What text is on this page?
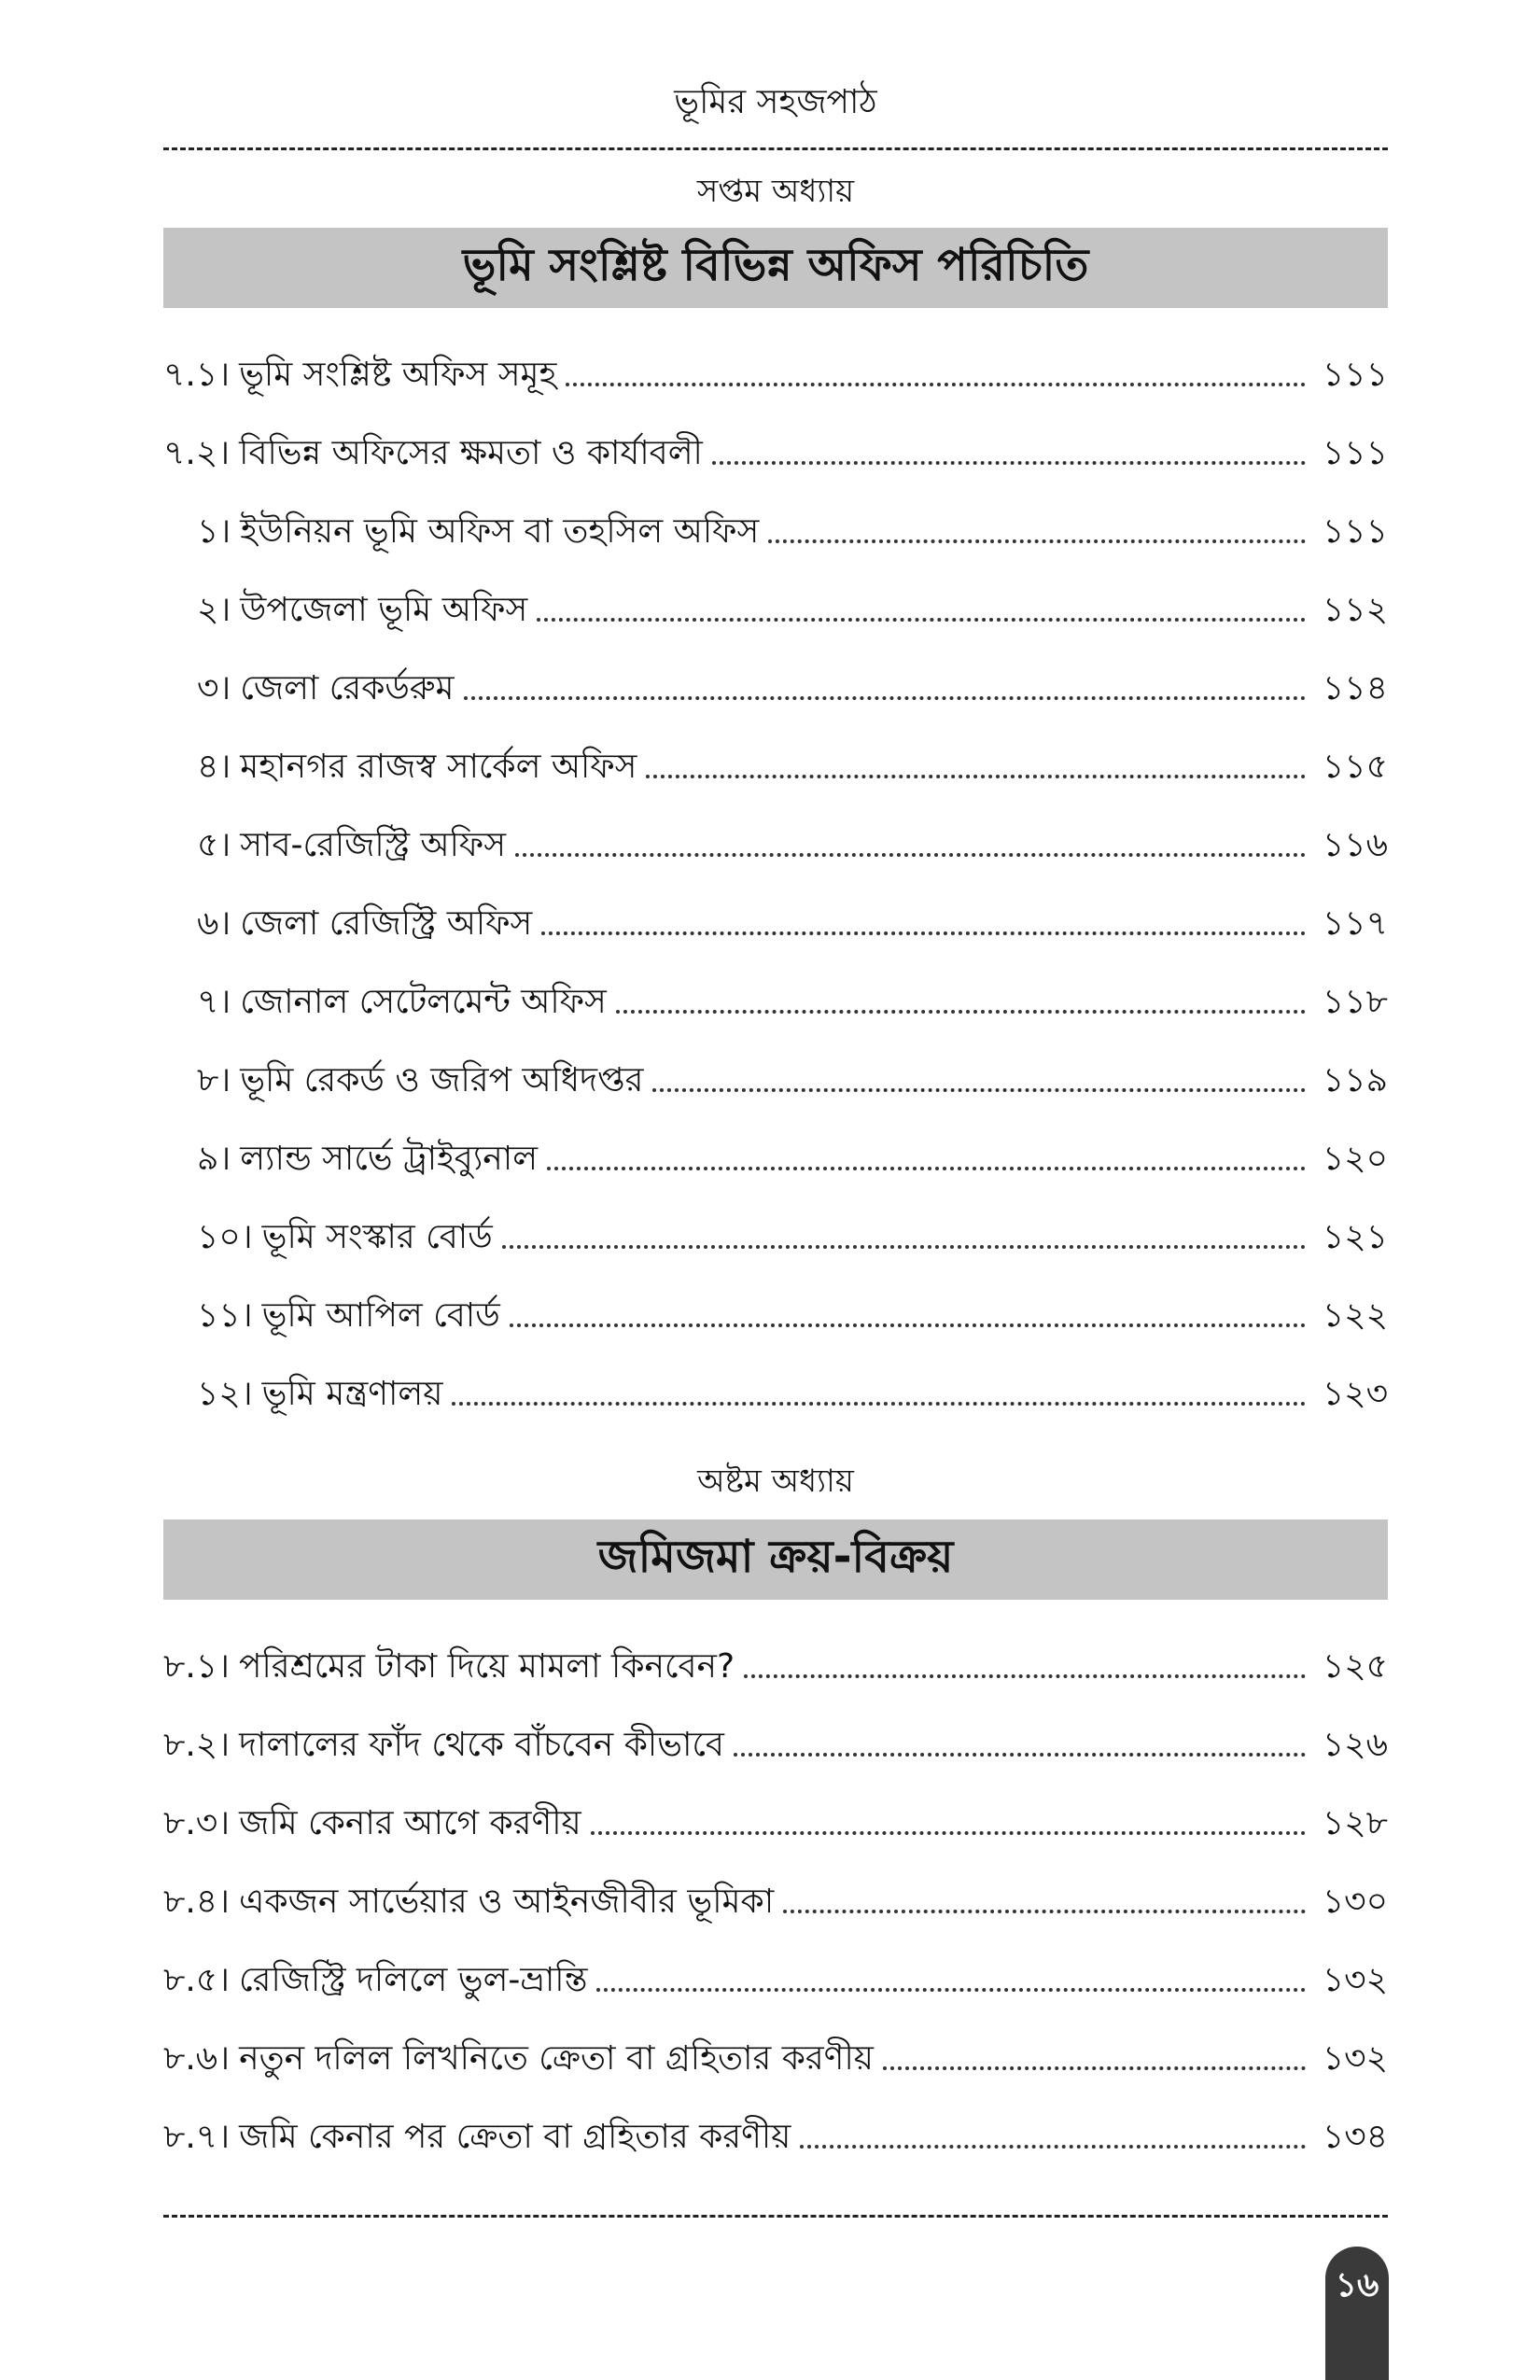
ভূমির সহজপাঠ
সপ্তম অধ্যায়
ভূমি সংশ্লিষ্ট বিভিন্ন অফিস পরিচিতি
৭.১। ভূমি সংশ্লিষ্ট অফিস সমূহ	১১১
৭.২। বিভিন্ন অফিসের ক্ষমতা ও কার্যাবলী	১১১
১। ইউনিয়ন ভূমি অফিস বা তহসিল অফিস	১১১
২। উপজেলা ভূমি অফিস	১১২
৩। জেলা রেকর্ডরুম	১১৪
৪। মহানগর রাজস্ব সার্কেল অফিস	১১৫
৫। সাব-রেজিস্ট্রি অফিস	১১৬
৬। জেলা রেজিস্ট্রি অফিস	১১৭
৭। জোনাল সেটেলমেন্ট অফিস	১১৮
৮। ভূমি রেকর্ড ও জরিপ অধিদপ্তর	১১৯
৯। ল্যান্ড সার্ভে ট্রাইব্যুনাল	১২০
১০। ভূমি সংস্কার বোর্ড	১২১
১১। ভূমি আপিল বোর্ড	১২২
১২। ভূমি মন্ত্রণালয়	১২৩
অষ্টম অধ্যায়
জমিজমা ক্রয়-বিক্রয়
৮.১। পরিশ্রমের টাকা দিয়ে মামলা কিনবেন?	১২৫
৮.২। দালালের ফাঁদ থেকে বাঁচবেন কীভাবে	১২৬
৮.৩। জমি কেনার আগে করণীয়	১২৮
৮.৪। একজন সার্ভেয়ার ও আইনজীবীর ভূমিকা	১৩০
৮.৫। রেজিস্ট্রি দলিলে ভুল-ভ্রান্তি	১৩২
৮.৬। নতুন দলিল লিখনিতে ক্রেতা বা গ্রহিতার করণীয়	১৩২
৮.৭। জমি কেনার পর ক্রেতা বা গ্রহিতার করণীয়	১৩৪
১৬
